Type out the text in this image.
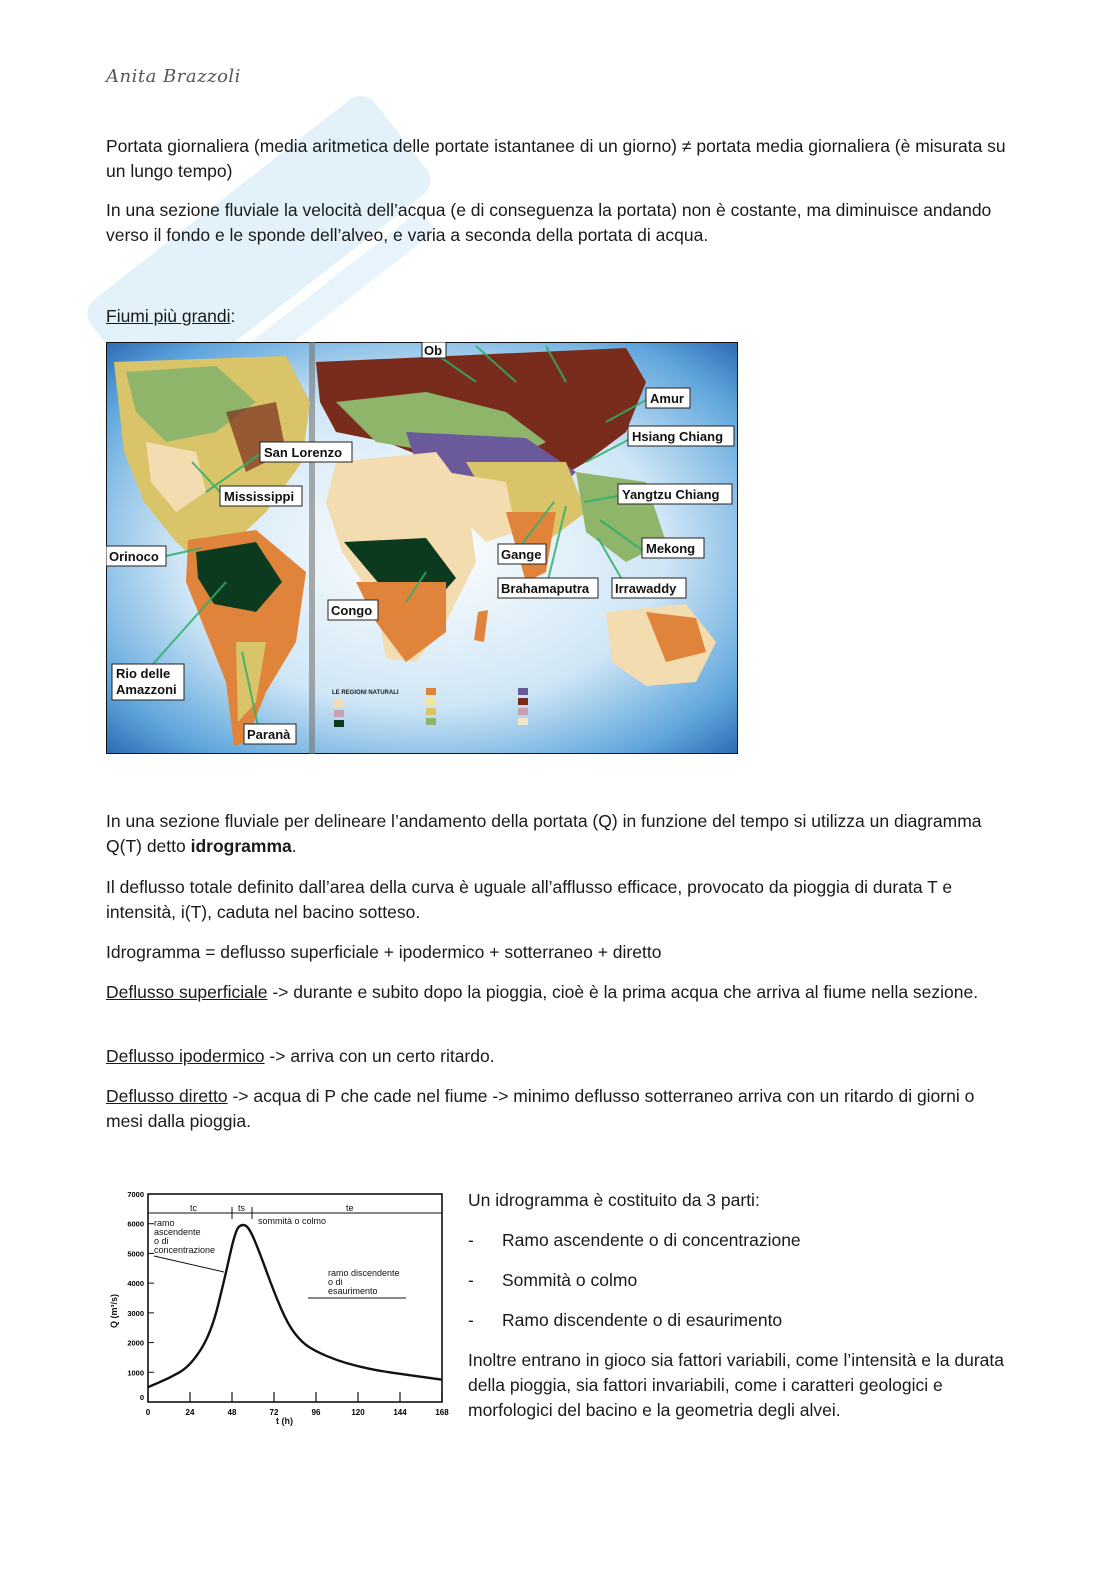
Anita Brazzoli

Portata giornaliera (media aritmetica delle portate istantanee di un giorno) ≠ portata media giornaliera (è misurata su un lungo tempo)

In una sezione fluviale la velocità dell’acqua (e di conseguenza la portata) non è costante, ma diminuisce andando verso il fondo e le sponde dell’alveo, e varia a seconda della portata di acqua.

Fiumi più grandi:

Ob
Amur
Hsiang Chiang
San Lorenzo
Mississippi	Yangtzu Chiang
Orinoco	Gange	Mekong
Brahamaputra Irrawaddy
Congo
Rio delle
Amazzoni
Paranà
LE REGIONI NATURALI

In una sezione fluviale per delineare l’andamento della portata (Q) in funzione del tempo si utilizza un diagramma Q(T) detto idrogramma.

Il deflusso totale definito dall’area della curva è uguale all’afflusso efficace, provocato da pioggia di durata T e intensità, i(T), caduta nel bacino sotteso.

Idrogramma = deflusso superficiale + ipodermico + sotterraneo + diretto

Deflusso superficiale -> durante e subito dopo la pioggia, cioè è la prima acqua che arriva al fiume nella sezione.

Deflusso ipodermico -> arriva con un certo ritardo.

Deflusso diretto -> acqua di P che cade nel fiume -> minimo deflusso sotterraneo arriva con un ritardo di giorni o mesi dalla pioggia.

1000
2000
3000
4000
5000
6000
7000
0
0	24	48	72	96	120	144	168
tc	ts	te
ramo
ascendente
o di
concentrazione
sommità o colmo
ramo discendente
o di
esaurimento
t (h)
Q (m³/s)

Un idrogramma è costituito da 3 parti:

- Ramo ascendente o di concentrazione
- Sommità o colmo
- Ramo discendente o di esaurimento

Inoltre entrano in gioco sia fattori variabili, come l’intensità e la durata della pioggia, sia fattori invariabili, come i caratteri geologici e morfologici del bacino e la geometria degli alvei.
